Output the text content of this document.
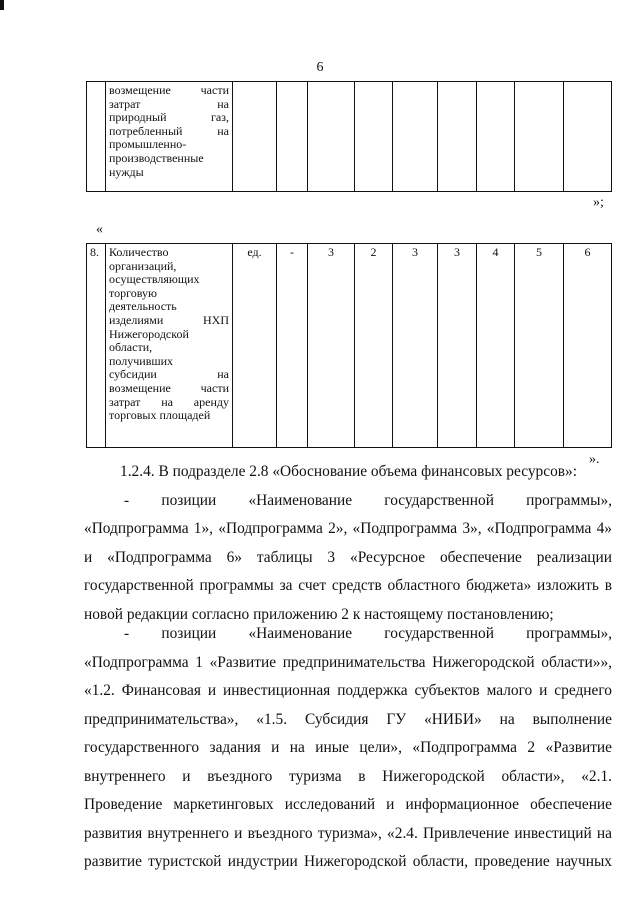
6

возмещение части
затрат на
природный газ,
потребленный на
промышленно-
производственные
нужды

»;
«
8.	Количество
организаций,
осуществляющих
торговую
деятельность
изделиями НХП
Нижегородской
области,
получивших
субсидии на
возмещение части
затрат на аренду
торговых площадей
	ед.	-	3	2	3	3	4	5	6
».
1.2.4. В подразделе 2.8 «Обоснование объема финансовых ресурсов»:
- позиции «Наименование государственной программы»,
«Подпрограмма 1», «Подпрограмма 2», «Подпрограмма 3», «Подпрограмма 4»
и «Подпрограмма 6» таблицы 3 «Ресурсное обеспечение реализации
государственной программы за счет средств областного бюджета» изложить в
новой редакции согласно приложению 2 к настоящему постановлению;
- позиции «Наименование государственной программы»,
«Подпрограмма 1 «Развитие предпринимательства Нижегородской области»»,
«1.2. Финансовая и инвестиционная поддержка субъектов малого и среднего
предпринимательства», «1.5. Субсидия ГУ «НИБИ» на выполнение
государственного задания и на иные цели», «Подпрограмма 2 «Развитие
внутреннего и въездного туризма в Нижегородской области», «2.1.
Проведение маркетинговых исследований и информационное обеспечение
развития внутреннего и въездного туризма», «2.4. Привлечение инвестиций на
развитие туристской индустрии Нижегородской области, проведение научных
